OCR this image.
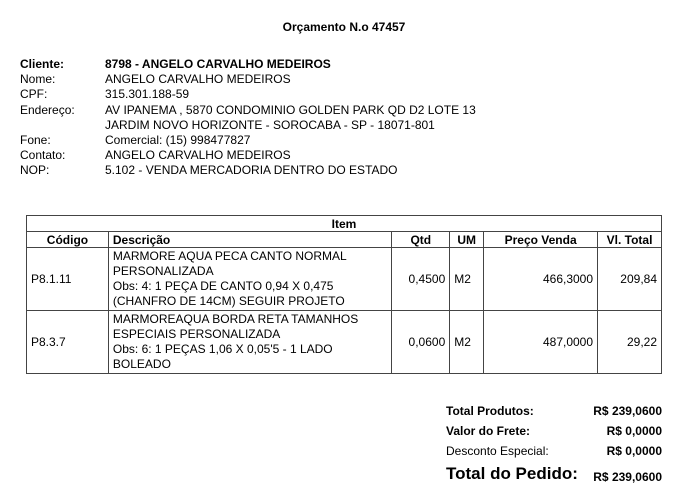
Orçamento N.o 47457
Cliente:	8798 - ANGELO CARVALHO MEDEIROS
Nome:	ANGELO CARVALHO MEDEIROS
CPF:	315.301.188-59
Endereço:	AV IPANEMA , 5870 CONDOMINIO GOLDEN PARK QD D2 LOTE 13
JARDIM NOVO HORIZONTE - SOROCABA - SP - 18071-801
Fone:	Comercial: (15) 998477827
Contato:	ANGELO CARVALHO MEDEIROS
NOP:	5.102 - VENDA MERCADORIA DENTRO DO ESTADO
Item					
Código	Descrição	Qtd	UM	Preço Venda	Vl. Total
P8.1.11	MARMORE AQUA PECA CANTO NORMAL
PERSONALIZADA
Obs: 4: 1 PEÇA DE CANTO 0,94 X 0,475
(CHANFRO DE 14CM) SEGUIR PROJETO	0,4500	M2	466,3000	209,84
P8.3.7	MARMOREAQUA BORDA RETA TAMANHOS
ESPECIAIS PERSONALIZADA
Obs: 6: 1 PEÇAS 1,06 X 0,05'5 - 1 LADO
BOLEADO	0,0600	M2	487,0000	29,22
Total Produtos:	R$ 239,0600
Valor do Frete:	R$ 0,0000
Desconto Especial:	R$ 0,0000
Total do Pedido: R$ 239,0600
